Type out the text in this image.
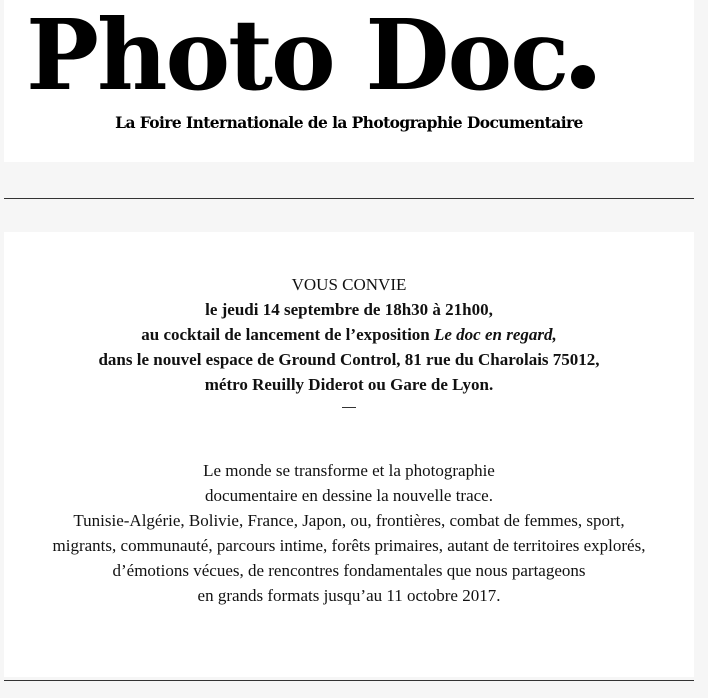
Photo Doc
La Foire Internationale de la Photographie Documentaire
VOUS CONVIE
le jeudi 14 septembre de 18h30 à 21h00,
au cocktail de lancement de l’exposition Le doc en regard,
dans le nouvel espace de Ground Control, 81 rue du Charolais 75012,
métro Reuilly Diderot ou Gare de Lyon.
Le monde se transforme et la photographie
documentaire en dessine la nouvelle trace.
Tunisie-Algérie, Bolivie, France, Japon, ou, frontières, combat de femmes, sport,
migrants, communauté, parcours intime, forêts primaires, autant de territoires explorés,
d’émotions vécues, de rencontres fondamentales que nous partageons
en grands formats jusqu’au 11 octobre 2017.
